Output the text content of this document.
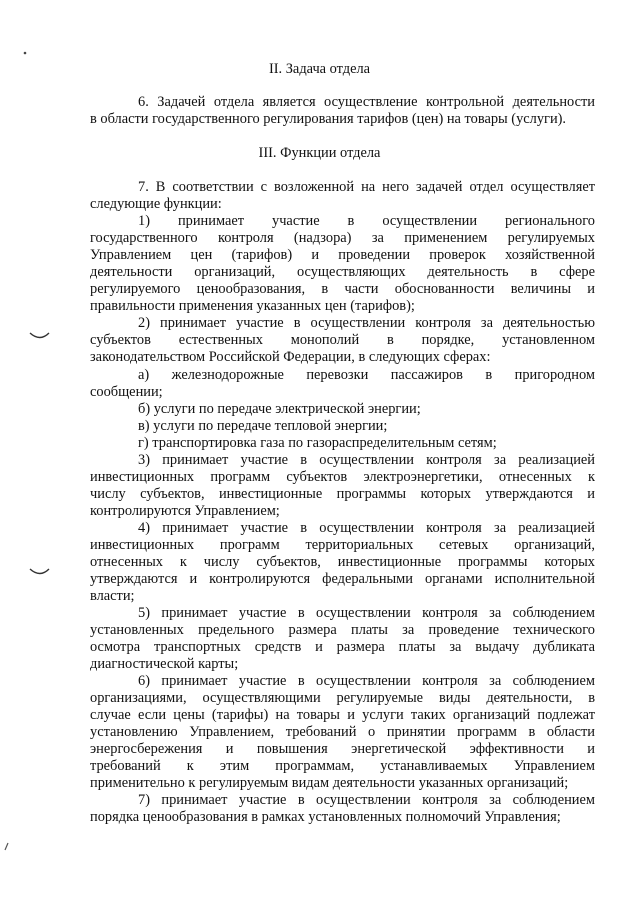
II. Задача отдела
6. Задачей отдела является осуществление контрольной деятельности
в области государственного регулирования тарифов (цен) на товары (услуги).
III. Функции отдела
7. В соответствии с возложенной на него задачей отдел осуществляет
следующие функции:
1) принимает участие в осуществлении регионального
государственного контроля (надзора) за применением регулируемых
Управлением цен (тарифов) и проведении проверок хозяйственной
деятельности организаций, осуществляющих деятельность в сфере
регулируемого ценообразования, в части обоснованности величины и
правильности применения указанных цен (тарифов);
2) принимает участие в осуществлении контроля за деятельностью
субъектов естественных монополий в порядке, установленном
законодательством Российской Федерации, в следующих сферах:
а) железнодорожные перевозки пассажиров в пригородном
сообщении;
б) услуги по передаче электрической энергии;
в) услуги по передаче тепловой энергии;
г) транспортировка газа по газораспределительным сетям;
3) принимает участие в осуществлении контроля за реализацией
инвестиционных программ субъектов электроэнергетики, отнесенных к
числу субъектов, инвестиционные программы которых утверждаются и
контролируются Управлением;
4) принимает участие в осуществлении контроля за реализацией
инвестиционных программ территориальных сетевых организаций,
отнесенных к числу субъектов, инвестиционные программы которых
утверждаются и контролируются федеральными органами исполнительной
власти;
5) принимает участие в осуществлении контроля за соблюдением
установленных предельного размера платы за проведение технического
осмотра транспортных средств и размера платы за выдачу дубликата
диагностической карты;
6) принимает участие в осуществлении контроля за соблюдением
организациями, осуществляющими регулируемые виды деятельности, в
случае если цены (тарифы) на товары и услуги таких организаций подлежат
установлению Управлением, требований о принятии программ в области
энергосбережения и повышения энергетической эффективности и
требований к этим программам, устанавливаемых Управлением
применительно к регулируемым видам деятельности указанных организаций;
7) принимает участие в осуществлении контроля за соблюдением
порядка ценообразования в рамках установленных полномочий Управления;
